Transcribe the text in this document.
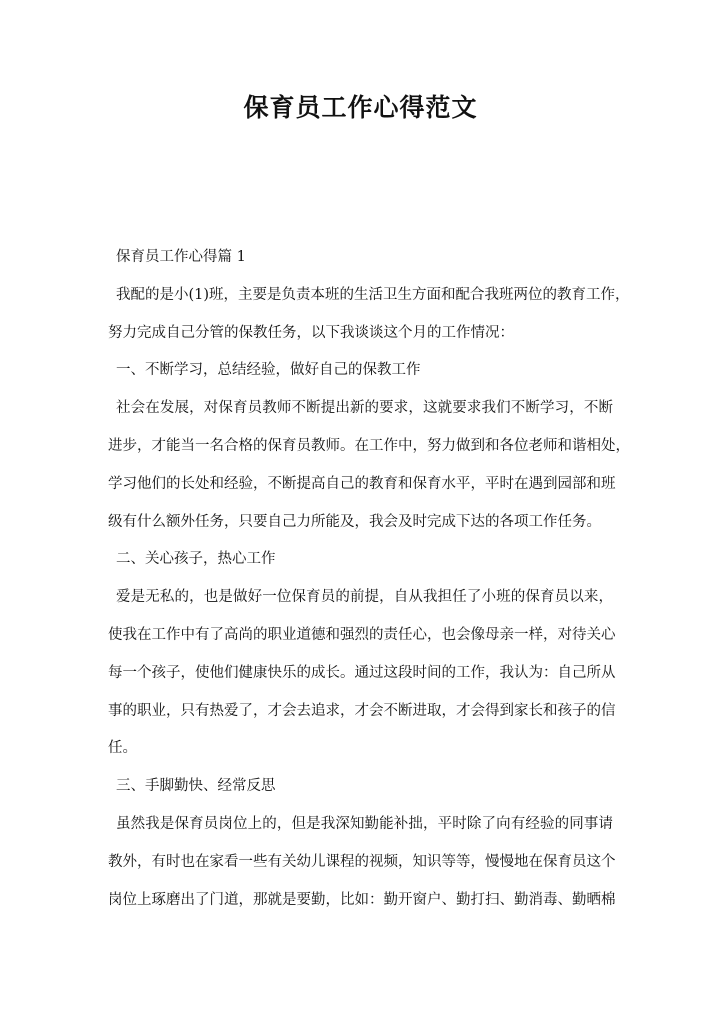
保育员工作心得范文
保育员工作心得篇 1
我配的是小(1)班，主要是负责本班的生活卫生方面和配合我班两位的教育工作，
努力完成自己分管的保教任务，以下我谈谈这个月的工作情况：
一、不断学习，总结经验，做好自己的保教工作
社会在发展，对保育员教师不断提出新的要求，这就要求我们不断学习，不断
进步，才能当一名合格的保育员教师。在工作中，努力做到和各位老师和谐相处，
学习他们的长处和经验，不断提高自己的教育和保育水平，平时在遇到园部和班
级有什么额外任务，只要自己力所能及，我会及时完成下达的各项工作任务。
二、关心孩子，热心工作
爱是无私的，也是做好一位保育员的前提，自从我担任了小班的保育员以来，
使我在工作中有了高尚的职业道德和强烈的责任心，也会像母亲一样，对待关心
每一个孩子，使他们健康快乐的成长。通过这段时间的工作，我认为：自己所从
事的职业，只有热爱了，才会去追求，才会不断进取，才会得到家长和孩子的信
任。
三、手脚勤快、经常反思
虽然我是保育员岗位上的，但是我深知勤能补拙，平时除了向有经验的同事请
教外，有时也在家看一些有关幼儿课程的视频，知识等等，慢慢地在保育员这个
岗位上琢磨出了门道，那就是要勤，比如：勤开窗户、勤打扫、勤消毒、勤晒棉
